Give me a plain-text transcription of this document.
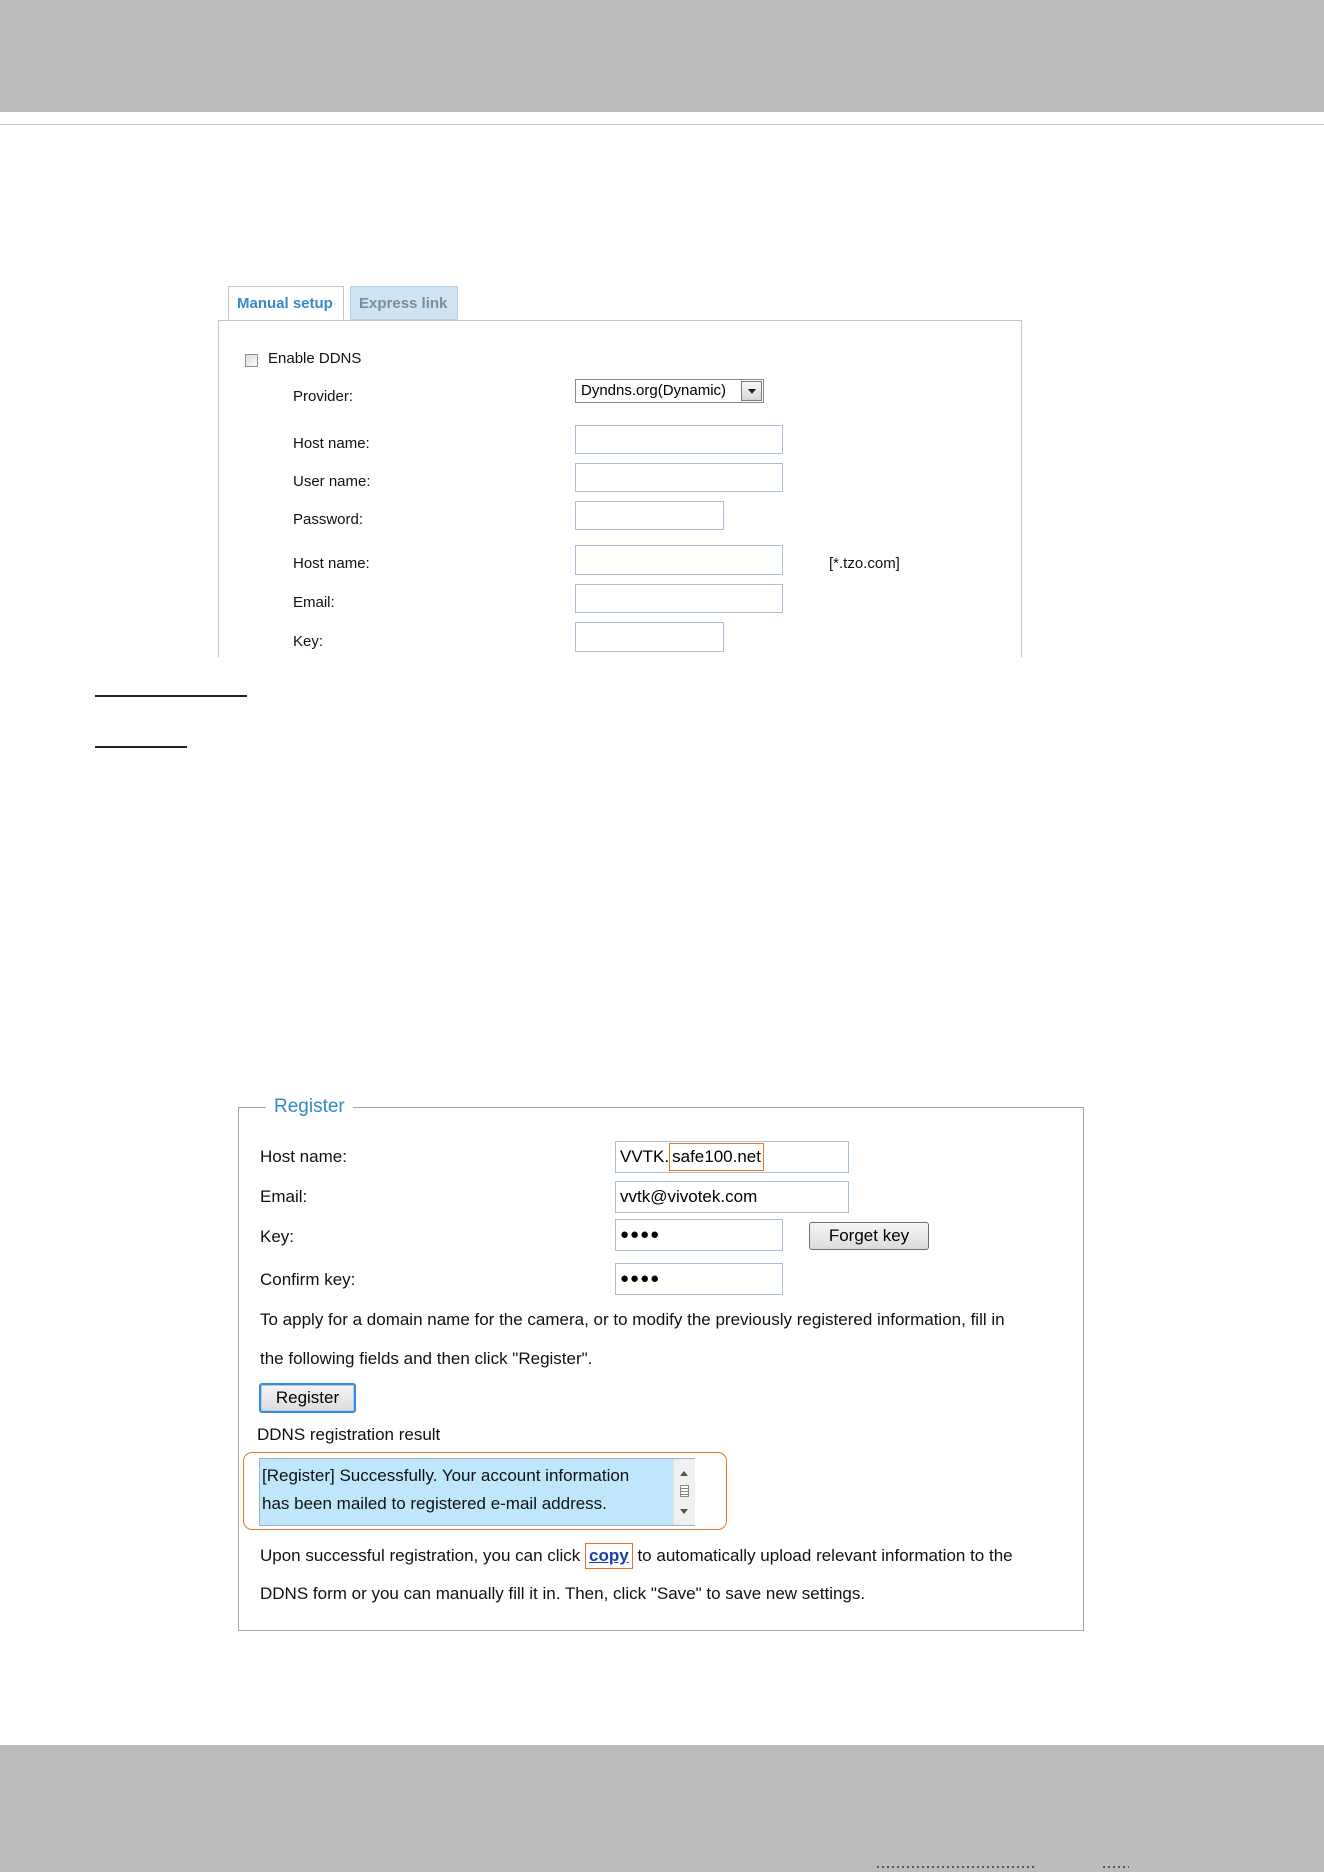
Manual setup	Express link
Enable DDNS
Provider:	Dyndns.org(Dynamic)
Host name:
User name:
Password:
Host name:	[*.tzo.com]
Email:
Key:
Register
Host name:	VVTK. safe100.net
Email:	vvtk@vivotek.com
Key:	●●●●	Forget key
Confirm key:	●●●●
To apply for a domain name for the camera, or to modify the previously registered information, fill in
the following fields and then click "Register".
Register
DDNS registration result
[Register] Successfully. Your account information
has been mailed to registered e-mail address.
Upon successful registration, you can click copy to automatically upload relevant information to the
DDNS form or you can manually fill it in. Then, click "Save" to save new settings.
